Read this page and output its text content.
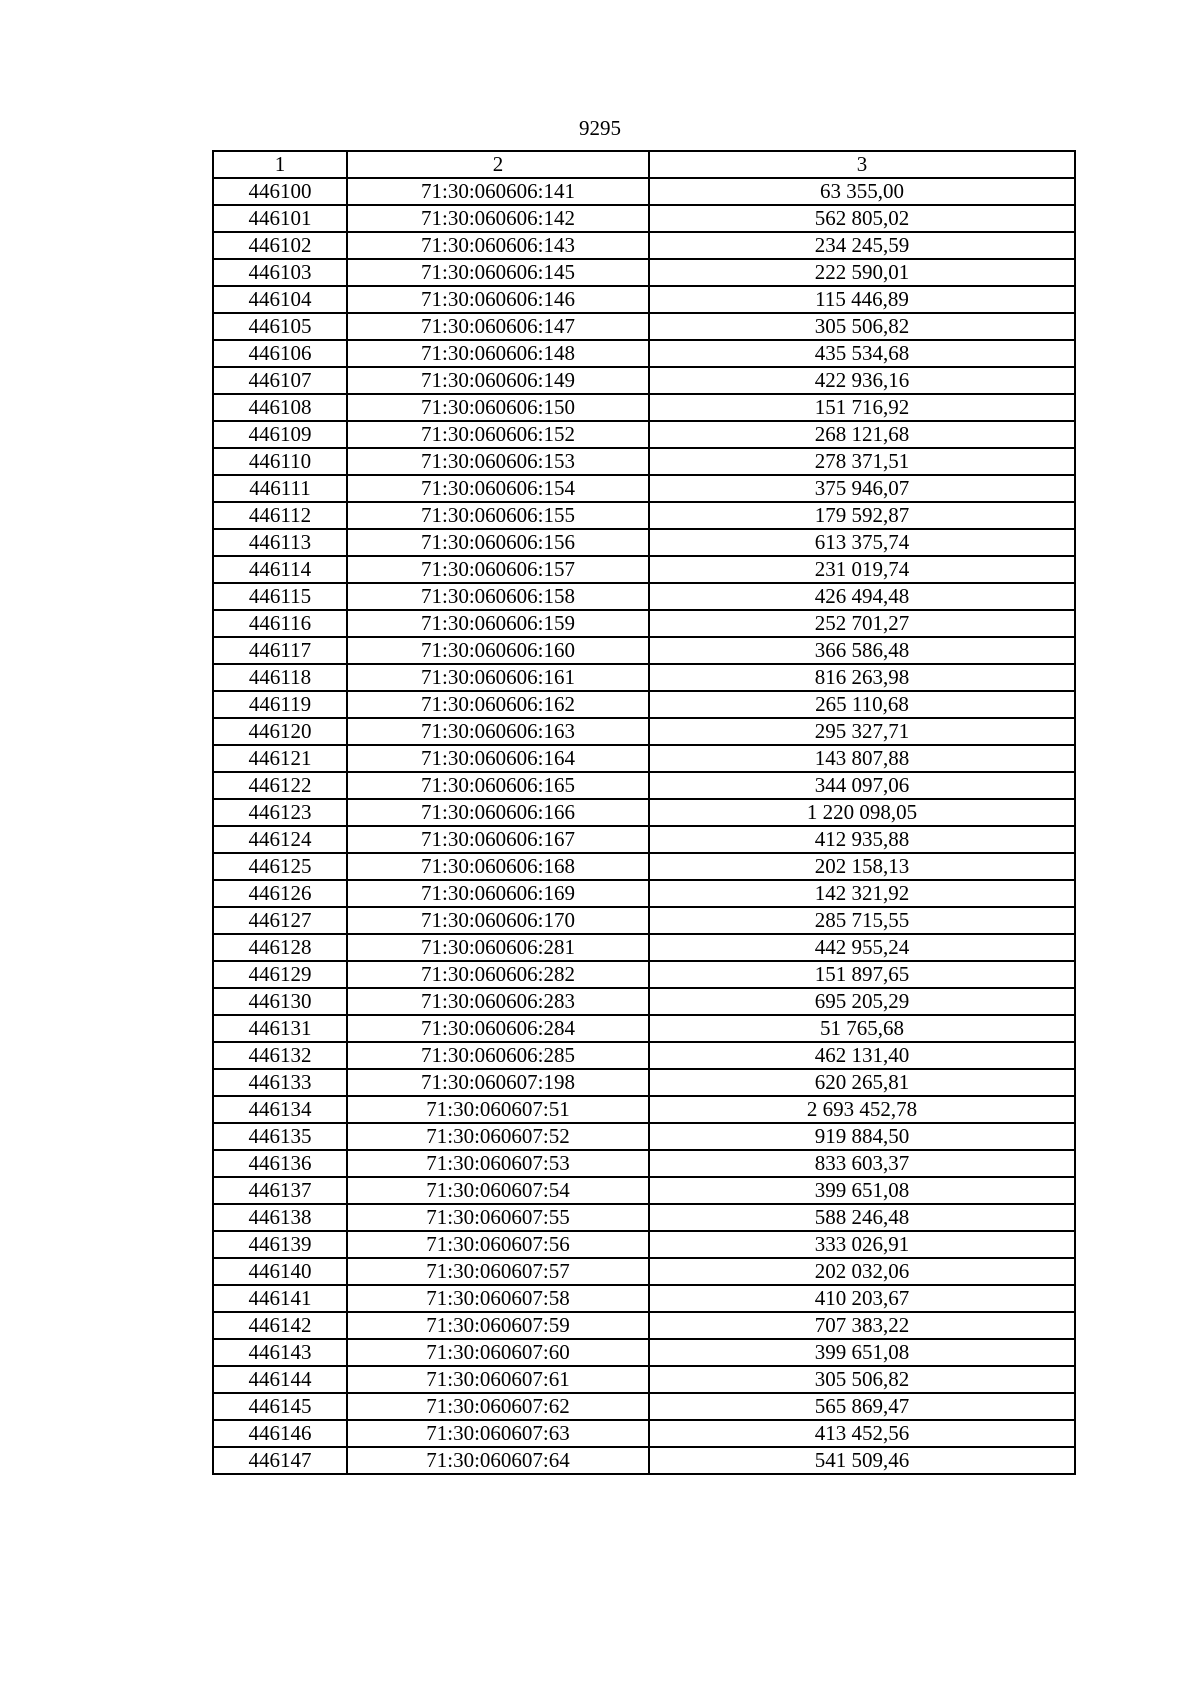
9295
1	2	3
446100	71:30:060606:141	63 355,00
446101	71:30:060606:142	562 805,02
446102	71:30:060606:143	234 245,59
446103	71:30:060606:145	222 590,01
446104	71:30:060606:146	115 446,89
446105	71:30:060606:147	305 506,82
446106	71:30:060606:148	435 534,68
446107	71:30:060606:149	422 936,16
446108	71:30:060606:150	151 716,92
446109	71:30:060606:152	268 121,68
446110	71:30:060606:153	278 371,51
446111	71:30:060606:154	375 946,07
446112	71:30:060606:155	179 592,87
446113	71:30:060606:156	613 375,74
446114	71:30:060606:157	231 019,74
446115	71:30:060606:158	426 494,48
446116	71:30:060606:159	252 701,27
446117	71:30:060606:160	366 586,48
446118	71:30:060606:161	816 263,98
446119	71:30:060606:162	265 110,68
446120	71:30:060606:163	295 327,71
446121	71:30:060606:164	143 807,88
446122	71:30:060606:165	344 097,06
446123	71:30:060606:166	1 220 098,05
446124	71:30:060606:167	412 935,88
446125	71:30:060606:168	202 158,13
446126	71:30:060606:169	142 321,92
446127	71:30:060606:170	285 715,55
446128	71:30:060606:281	442 955,24
446129	71:30:060606:282	151 897,65
446130	71:30:060606:283	695 205,29
446131	71:30:060606:284	51 765,68
446132	71:30:060606:285	462 131,40
446133	71:30:060607:198	620 265,81
446134	71:30:060607:51	2 693 452,78
446135	71:30:060607:52	919 884,50
446136	71:30:060607:53	833 603,37
446137	71:30:060607:54	399 651,08
446138	71:30:060607:55	588 246,48
446139	71:30:060607:56	333 026,91
446140	71:30:060607:57	202 032,06
446141	71:30:060607:58	410 203,67
446142	71:30:060607:59	707 383,22
446143	71:30:060607:60	399 651,08
446144	71:30:060607:61	305 506,82
446145	71:30:060607:62	565 869,47
446146	71:30:060607:63	413 452,56
446147	71:30:060607:64	541 509,46
